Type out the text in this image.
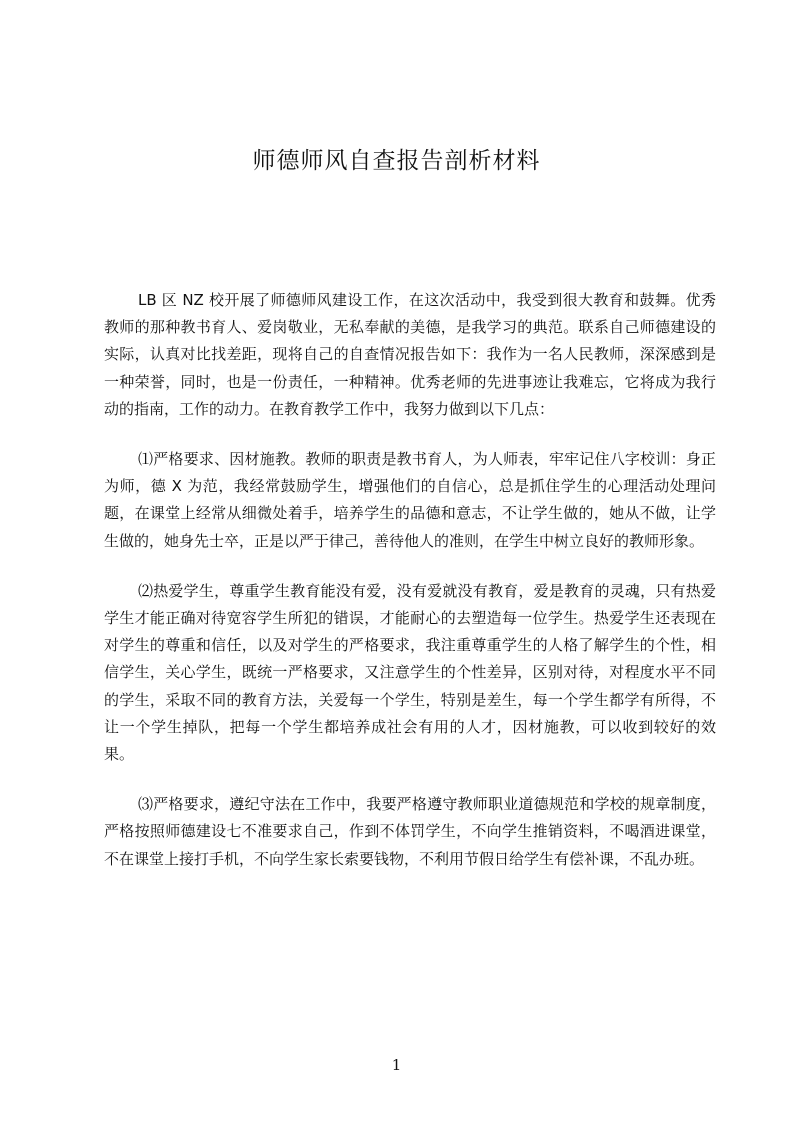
师德师风自查报告剖析材料

LB 区 NZ 校开展了师德师风建设工作，在这次活动中，我受到很大教育和鼓舞。优秀教师的那种教书育人、爱岗敬业，无私奉献的美德，是我学习的典范。联系自己师德建设的实际，认真对比找差距，现将自己的自查情况报告如下：我作为一名人民教师，深深感到是一种荣誉，同时，也是一份责任，一种精神。优秀老师的先进事迹让我难忘，它将成为我行动的指南，工作的动力。在教育教学工作中，我努力做到以下几点：

⑴严格要求、因材施教。教师的职责是教书育人，为人师表，牢牢记住八字校训：身正为师，德 X 为范，我经常鼓励学生，增强他们的自信心，总是抓住学生的心理活动处理问题，在课堂上经常从细微处着手，培养学生的品德和意志，不让学生做的，她从不做，让学生做的，她身先士卒，正是以严于律己，善待他人的准则，在学生中树立良好的教师形象。

⑵热爱学生，尊重学生教育能没有爱，没有爱就没有教育，爱是教育的灵魂，只有热爱学生才能正确对待宽容学生所犯的错误，才能耐心的去塑造每一位学生。热爱学生还表现在对学生的尊重和信任，以及对学生的严格要求，我注重尊重学生的人格了解学生的个性，相信学生，关心学生，既统一严格要求，又注意学生的个性差异，区别对待，对程度水平不同的学生，采取不同的教育方法，关爱每一个学生，特别是差生，每一个学生都学有所得，不让一个学生掉队，把每一个学生都培养成社会有用的人才，因材施教，可以收到较好的效果。

⑶严格要求，遵纪守法在工作中，我要严格遵守教师职业道德规范和学校的规章制度，严格按照师德建设七不准要求自己，作到不体罚学生，不向学生推销资料，不喝酒进课堂，不在课堂上接打手机，不向学生家长索要钱物，不利用节假日给学生有偿补课，不乱办班。

1
